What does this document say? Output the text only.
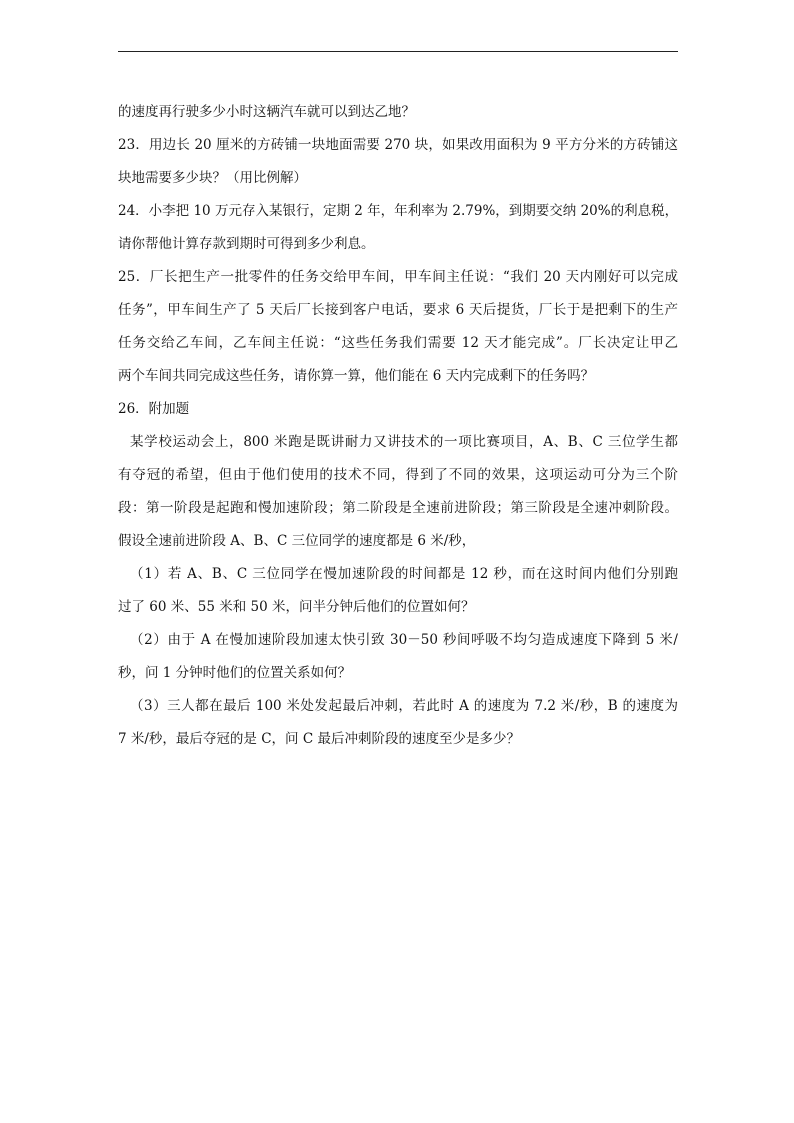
的速度再行驶多少小时这辆汽车就可以到达乙地？
23．用边长 20 厘米的方砖铺一块地面需要 270 块，如果改用面积为 9 平方分米的方砖铺这
块地需要多少块？（用比例解）
24．小李把 10 万元存入某银行，定期 2 年，年利率为 2.79%，到期要交纳 20%的利息税，
请你帮他计算存款到期时可得到多少利息。
25．厂长把生产一批零件的任务交给甲车间，甲车间主任说：“我们 20 天内刚好可以完成
任务”，甲车间生产了 5 天后厂长接到客户电话，要求 6 天后提货，厂长于是把剩下的生产
任务交给乙车间，乙车间主任说：“这些任务我们需要 12 天才能完成”。厂长决定让甲乙
两个车间共同完成这些任务，请你算一算，他们能在 6 天内完成剩下的任务吗？
26．附加题
某学校运动会上，800 米跑是既讲耐力又讲技术的一项比赛项目，A、B、C 三位学生都
有夺冠的希望，但由于他们使用的技术不同，得到了不同的效果，这项运动可分为三个阶
段：第一阶段是起跑和慢加速阶段；第二阶段是全速前进阶段；第三阶段是全速冲刺阶段。
假设全速前进阶段 A、B、C 三位同学的速度都是 6 米/秒，
（1）若 A、B、C 三位同学在慢加速阶段的时间都是 12 秒，而在这时间内他们分别跑
过了 60 米、55 米和 50 米，问半分钟后他们的位置如何？
（2）由于 A 在慢加速阶段加速太快引致 30－50 秒间呼吸不均匀造成速度下降到 5 米/
秒，问 1 分钟时他们的位置关系如何？
（3）三人都在最后 100 米处发起最后冲刺，若此时 A 的速度为 7.2 米/秒，B 的速度为
7 米/秒，最后夺冠的是 C，问 C 最后冲刺阶段的速度至少是多少？
